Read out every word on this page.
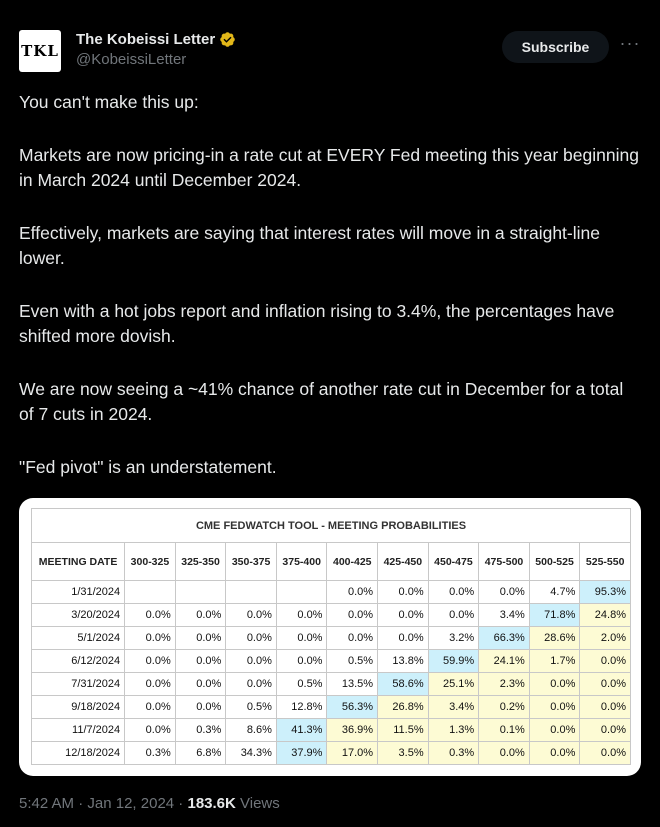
TKL
The Kobeissi Letter
@KobeissiLetter
Subscribe	···

You can't make this up:

Markets are now pricing-in a rate cut at EVERY Fed meeting this year beginning in March 2024 until December 2024.

Effectively, markets are saying that interest rates will move in a straight-line lower.

Even with a hot jobs report and inflation rising to 3.4%, the percentages have shifted more dovish.

We are now seeing a ~41% chance of another rate cut in December for a total of 7 cuts in 2024.

"Fed pivot" is an understatement.

CME FEDWATCH TOOL - MEETING PROBABILITIES										
MEETING DATE	300-325	325-350	350-375	375-400	400-425	425-450	450-475	475-500	500-525	525-550
1/31/2024					0.0%	0.0%	0.0%	0.0%	4.7%	95.3%
3/20/2024	0.0%	0.0%	0.0%	0.0%	0.0%	0.0%	0.0%	3.4%	71.8%	24.8%
5/1/2024	0.0%	0.0%	0.0%	0.0%	0.0%	0.0%	3.2%	66.3%	28.6%	2.0%
6/12/2024	0.0%	0.0%	0.0%	0.0%	0.5%	13.8%	59.9%	24.1%	1.7%	0.0%
7/31/2024	0.0%	0.0%	0.0%	0.5%	13.5%	58.6%	25.1%	2.3%	0.0%	0.0%
9/18/2024	0.0%	0.0%	0.5%	12.8%	56.3%	26.8%	3.4%	0.2%	0.0%	0.0%
11/7/2024	0.0%	0.3%	8.6%	41.3%	36.9%	11.5%	1.3%	0.1%	0.0%	0.0%
12/18/2024	0.3%	6.8%	34.3%	37.9%	17.0%	3.5%	0.3%	0.0%	0.0%	0.0%
5:42 AM · Jan 12, 2024 · 183.6K Views
